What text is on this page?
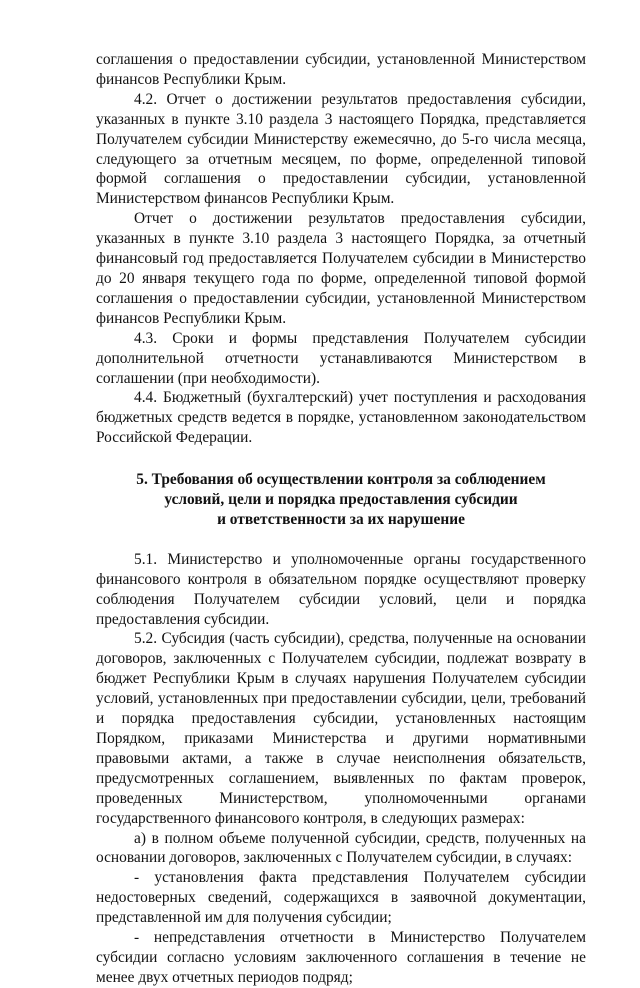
соглашения о предоставлении субсидии, установленной Министерством финансов Республики Крым.

4.2. Отчет о достижении результатов предоставления субсидии, указанных в пункте 3.10 раздела 3 настоящего Порядка, представляется Получателем субсидии Министерству ежемесячно, до 5-го числа месяца, следующего за отчетным месяцем, по форме, определенной типовой формой соглашения о предоставлении субсидии, установленной Министерством финансов Республики Крым.

Отчет о достижении результатов предоставления субсидии, указанных в пункте 3.10 раздела 3 настоящего Порядка, за отчетный финансовый год предоставляется Получателем субсидии в Министерство до 20 января текущего года по форме, определенной типовой формой соглашения о предоставлении субсидии, установленной Министерством финансов Республики Крым.

4.3. Сроки и формы представления Получателем субсидии дополнительной отчетности устанавливаются Министерством в соглашении (при необходимости).

4.4. Бюджетный (бухгалтерский) учет поступления и расходования бюджетных средств ведется в порядке, установленном законодательством Российской Федерации.

5. Требования об осуществлении контроля за соблюдением
условий, цели и порядка предоставления субсидии
и ответственности за их нарушение

5.1. Министерство и уполномоченные органы государственного финансового контроля в обязательном порядке осуществляют проверку соблюдения Получателем субсидии условий, цели и порядка предоставления субсидии.

5.2. Субсидия (часть субсидии), средства, полученные на основании договоров, заключенных с Получателем субсидии, подлежат возврату в бюджет Республики Крым в случаях нарушения Получателем субсидии условий, установленных при предоставлении субсидии, цели, требований и порядка предоставления субсидии, установленных настоящим Порядком, приказами Министерства и другими нормативными правовыми актами, а также в случае неисполнения обязательств, предусмотренных соглашением, выявленных по фактам проверок, проведенных Министерством, уполномоченными органами государственного финансового контроля, в следующих размерах:

а) в полном объеме полученной субсидии, средств, полученных на основании договоров, заключенных с Получателем субсидии, в случаях:

- установления факта представления Получателем субсидии недостоверных сведений, содержащихся в заявочной документации, представленной им для получения субсидии;

- непредставления отчетности в Министерство Получателем субсидии согласно условиям заключенного соглашения в течение не менее двух отчетных периодов подряд;
